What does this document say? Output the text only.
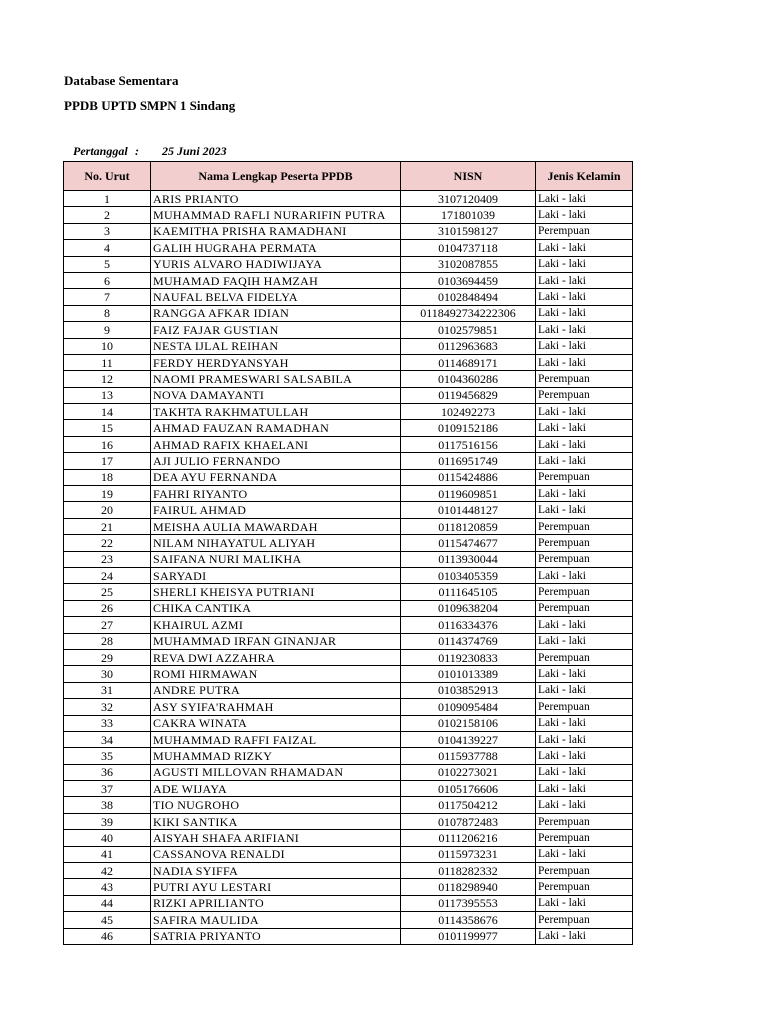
Database Sementara
PPDB UPTD SMPN 1 Sindang
Pertanggal : 25 Juni 2023
No. Urut	Nama Lengkap Peserta PPDB	NISN	Jenis Kelamin
1	ARIS PRIANTO	3107120409	Laki - laki
2	MUHAMMAD RAFLI NURARIFIN PUTRA	171801039	Laki - laki
3	KAEMITHA PRISHA RAMADHANI	3101598127	Perempuan
4	GALIH HUGRAHA PERMATA	0104737118	Laki - laki
5	YURIS ALVARO HADIWIJAYA	3102087855	Laki - laki
6	MUHAMAD FAQIH HAMZAH	0103694459	Laki - laki
7	NAUFAL BELVA FIDELYA	0102848494	Laki - laki
8	RANGGA AFKAR IDIAN	0118492734222306	Laki - laki
9	FAIZ FAJAR GUSTIAN	0102579851	Laki - laki
10	NESTA IJLAL REIHAN	0112963683	Laki - laki
11	FERDY HERDYANSYAH	0114689171	Laki - laki
12	NAOMI PRAMESWARI SALSABILA	0104360286	Perempuan
13	NOVA DAMAYANTI	0119456829	Perempuan
14	TAKHTA RAKHMATULLAH	102492273	Laki - laki
15	AHMAD FAUZAN RAMADHAN	0109152186	Laki - laki
16	AHMAD RAFIX KHAELANI	0117516156	Laki - laki
17	AJI JULIO FERNANDO	0116951749	Laki - laki
18	DEA AYU FERNANDA	0115424886	Perempuan
19	FAHRI RIYANTO	0119609851	Laki - laki
20	FAIRUL AHMAD	0101448127	Laki - laki
21	MEISHA AULIA MAWARDAH	0118120859	Perempuan
22	NILAM NIHAYATUL ALIYAH	0115474677	Perempuan
23	SAIFANA NURI MALIKHA	0113930044	Perempuan
24	SARYADI	0103405359	Laki - laki
25	SHERLI KHEISYA PUTRIANI	0111645105	Perempuan
26	CHIKA CANTIKA	0109638204	Perempuan
27	KHAIRUL AZMI	0116334376	Laki - laki
28	MUHAMMAD IRFAN GINANJAR	0114374769	Laki - laki
29	REVA DWI AZZAHRA	0119230833	Perempuan
30	ROMI HIRMAWAN	0101013389	Laki - laki
31	ANDRE PUTRA	0103852913	Laki - laki
32	ASY SYIFA'RAHMAH	0109095484	Perempuan
33	CAKRA WINATA	0102158106	Laki - laki
34	MUHAMMAD RAFFI FAIZAL	0104139227	Laki - laki
35	MUHAMMAD RIZKY	0115937788	Laki - laki
36	AGUSTI MILLOVAN RHAMADAN	0102273021	Laki - laki
37	ADE WIJAYA	0105176606	Laki - laki
38	TIO NUGROHO	0117504212	Laki - laki
39	KIKI SANTIKA	0107872483	Perempuan
40	AISYAH SHAFA ARIFIANI	0111206216	Perempuan
41	CASSANOVA RENALDI	0115973231	Laki - laki
42	NADIA SYIFFA	0118282332	Perempuan
43	PUTRI AYU LESTARI	0118298940	Perempuan
44	RIZKI APRILIANTO	0117395553	Laki - laki
45	SAFIRA MAULIDA	0114358676	Perempuan
46	SATRIA PRIYANTO	0101199977	Laki - laki
